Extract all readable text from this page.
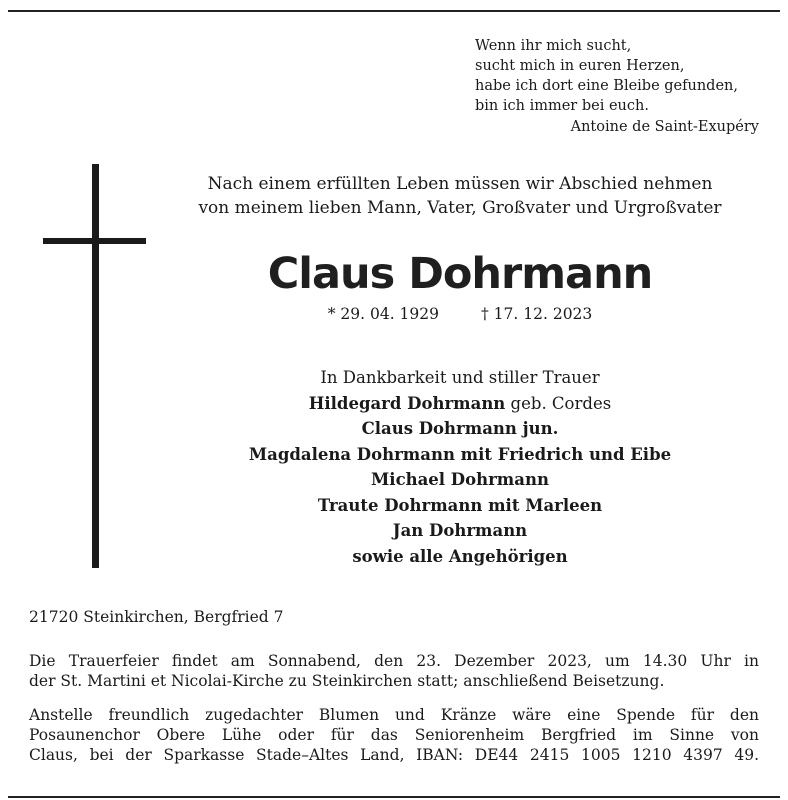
Wenn ihr mich sucht,
sucht mich in euren Herzen,
habe ich dort eine Bleibe gefunden,
bin ich immer bei euch.
Antoine de Saint-Exupéry
Nach einem erfüllten Leben müssen wir Abschied nehmen
von meinem lieben Mann, Vater, Großvater und Urgroßvater
Claus Dohrmann
* 29. 04. 1929	† 17. 12. 2023
In Dankbarkeit und stiller Trauer
Hildegard Dohrmann geb. Cordes
Claus Dohrmann jun.
Magdalena Dohrmann mit Friedrich und Eibe
Michael Dohrmann
Traute Dohrmann mit Marleen
Jan Dohrmann
sowie alle Angehörigen
21720 Steinkirchen, Bergfried 7
Die Trauerfeier findet am Sonnabend, den 23. Dezember 2023, um 14.30 Uhr in
der St. Martini et Nicolai-Kirche zu Steinkirchen statt; anschließend Beisetzung.
Anstelle freundlich zugedachter Blumen und Kränze wäre eine Spende für den
Posaunenchor Obere Lühe oder für das Seniorenheim Bergfried im Sinne von
Claus, bei der Sparkasse Stade–Altes Land, IBAN: DE44 2415 1005 1210 4397 49.
